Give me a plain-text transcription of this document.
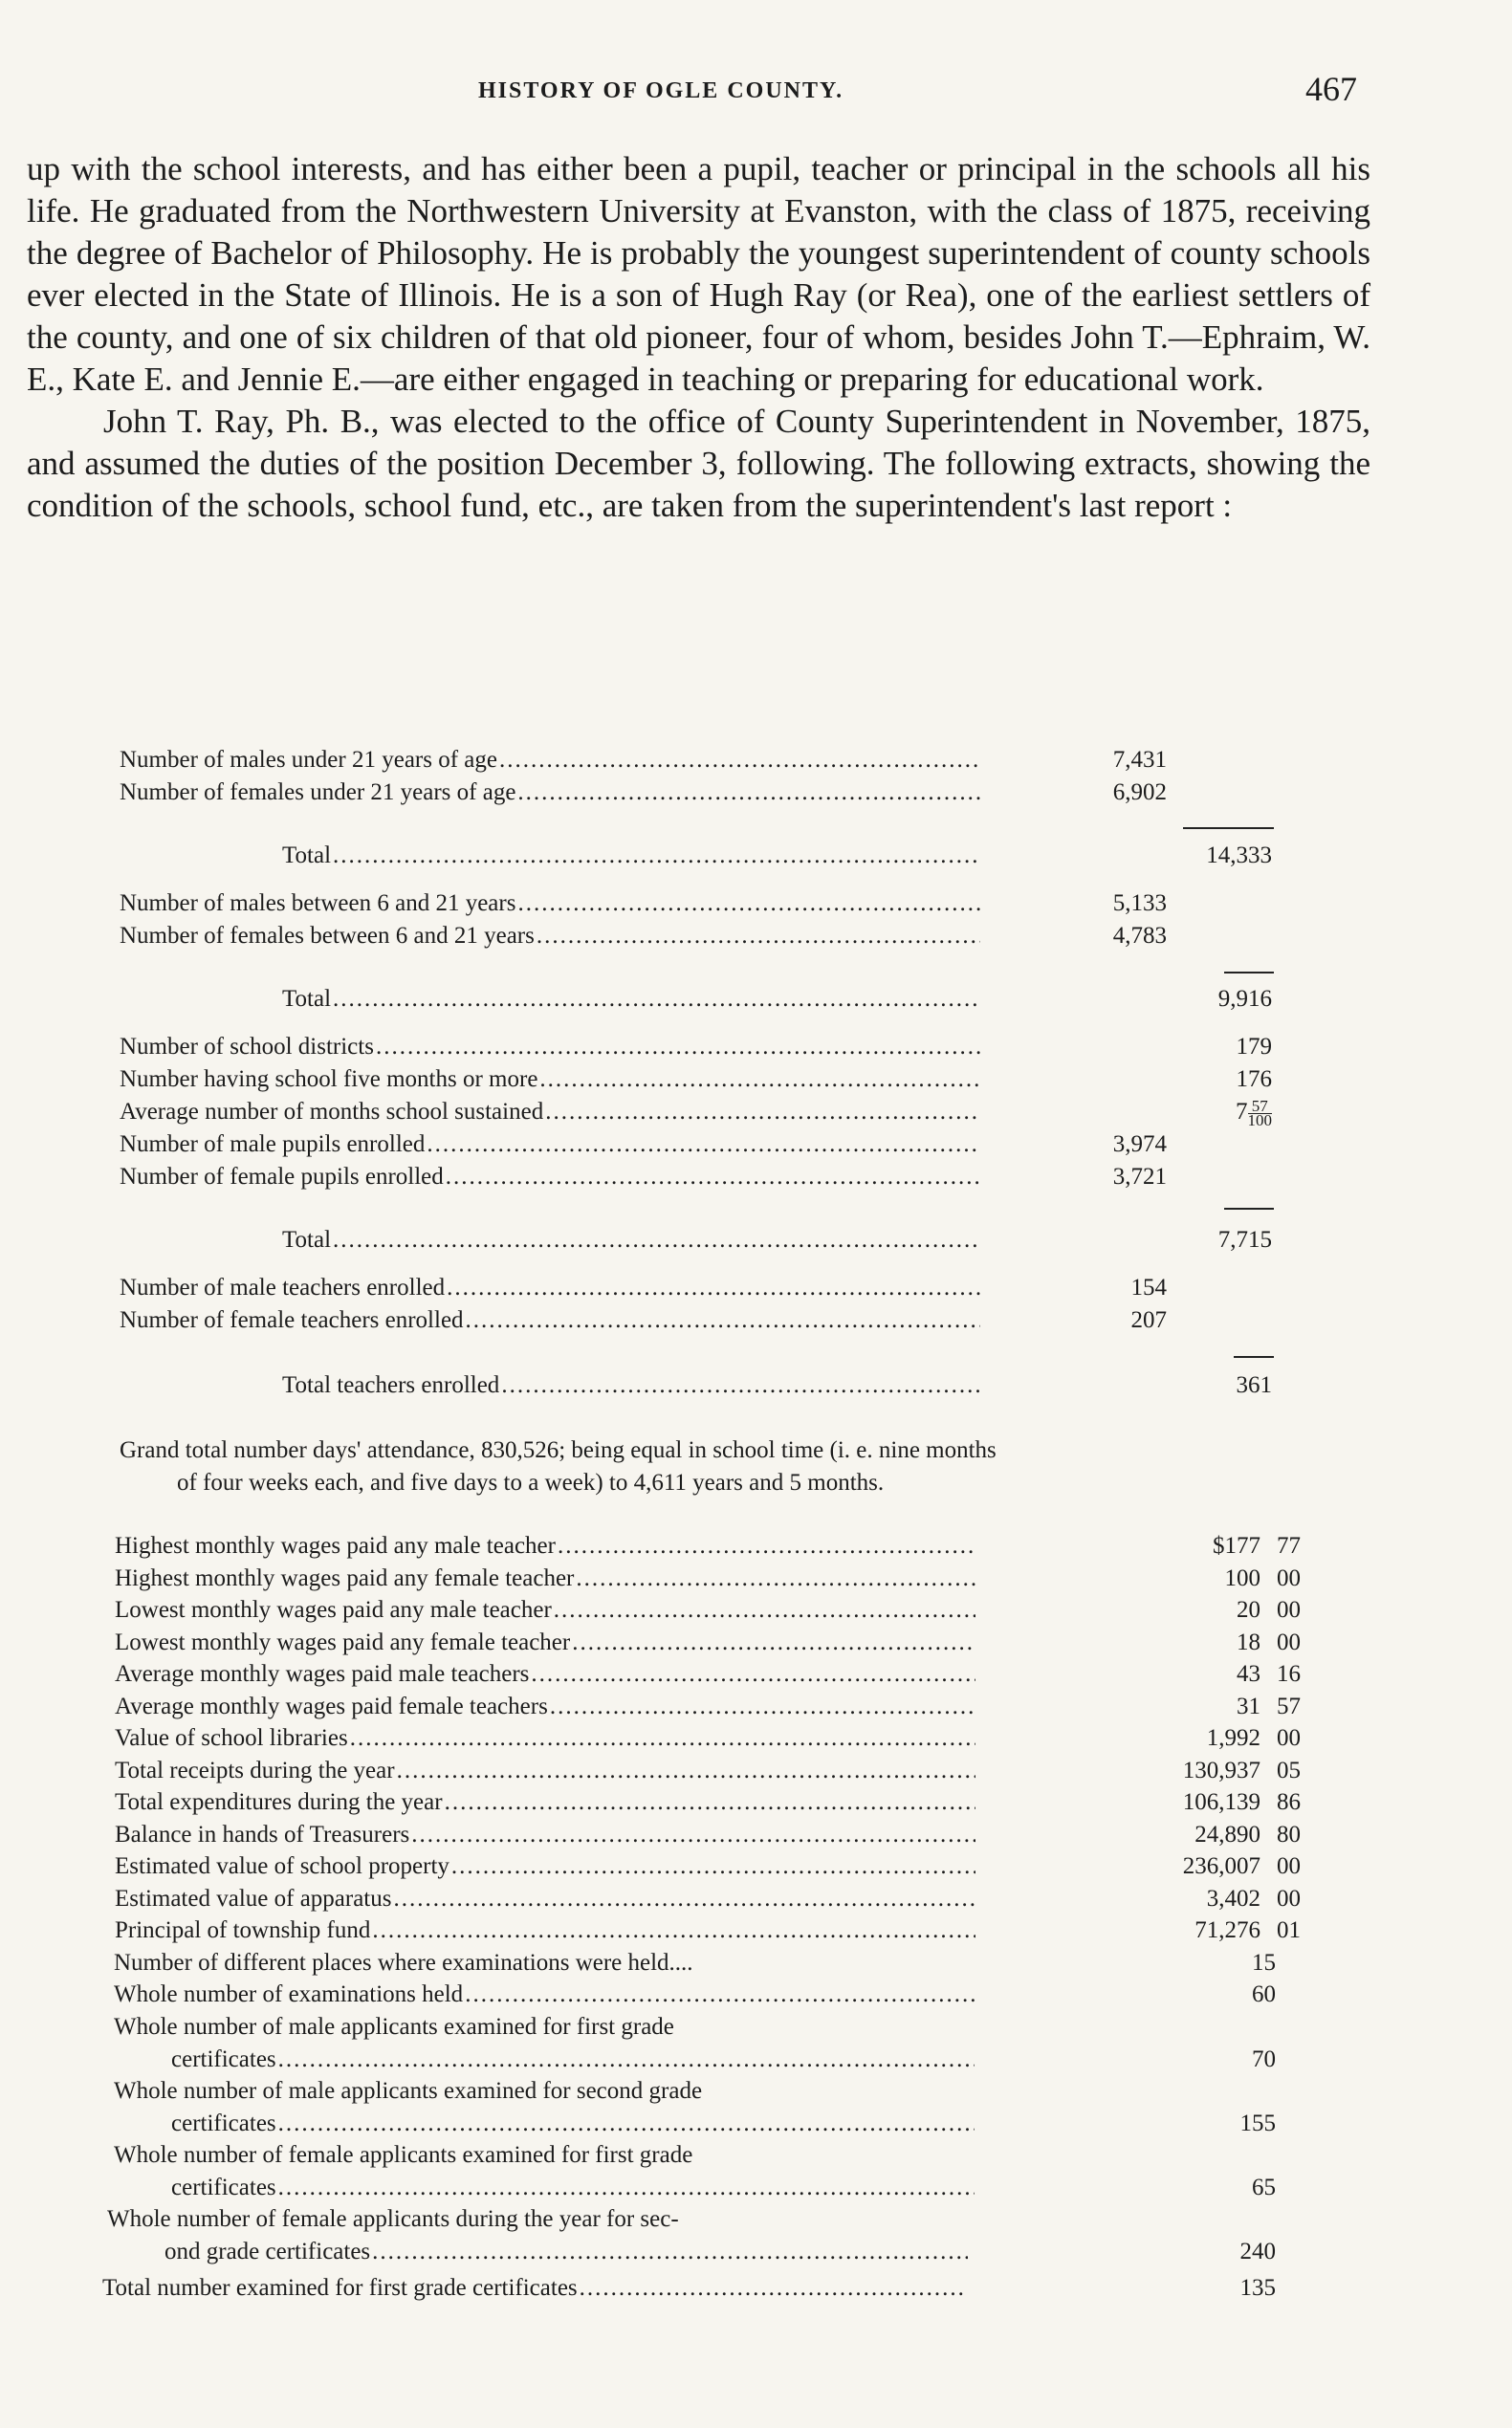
HISTORY OF OGLE COUNTY.	467

up with the school interests, and has either been a pupil, teacher or principal in the schools all his life. He graduated from the Northwestern University at Evanston, with the class of 1875, receiving the degree of Bachelor of Philosophy. He is probably the youngest superintendent of county schools ever elected in the State of Illinois. He is a son of Hugh Ray (or Rea), one of the earliest settlers of the county, and one of six children of that old pioneer, four of whom, besides John T.—Ephraim, W. E., Kate E. and Jennie E.—are either engaged in teaching or preparing for educational work.

John T. Ray, Ph. B., was elected to the office of County Superintendent in November, 1875, and assumed the duties of the position December 3, following. The following extracts, showing the condition of the schools, school fund, etc., are taken from the superintendent's last report :

Number of males under 21 years of age .....	7,431
Number of females under 21 years of age .....	6,902
Total .....	14,333
Number of males between 6 and 21 years .....	5,133
Number of females between 6 and 21 years .....	4,783
Total .....	9,916
Number of school districts .....	179
Number having school five months or more .....	176
Average number of months school sustained .....	$7 \frac{57}{100}$
Number of male pupils enrolled .....	3,974
Number of female pupils enrolled .....	3,721
Total .....	7,715
Number of male teachers enrolled .....	154
Number of female teachers enrolled .....	207
Total teachers enrolled .....	361
Grand total number days' attendance, 830,526; being equal in school time (i. e. nine months of four weeks each, and five days to a week) to 4,611 years and 5 months.
Highest monthly wages paid any male teacher .....	$177 77
Highest monthly wages paid any female teacher .....	100 00
Lowest monthly wages paid any male teacher .....	20 00
Lowest monthly wages paid any female teacher .....	18 00
Average monthly wages paid male teachers .....	43 16
Average monthly wages paid female teachers .....	31 57
Value of school libraries .....	1,992 00
Total receipts during the year .....	130,937 05
Total expenditures during the year .....	106,139 86
Balance in hands of Treasurers .....	24,890 80
Estimated value of school property .....	236,007 00
Estimated value of apparatus .....	3,402 00
Principal of township fund .....	71,276 01
Number of different places where examinations were held....	15
Whole number of examinations held .....	60
Whole number of male applicants examined for first grade
certificates .....	70
Whole number of male applicants examined for second grade
certificates .....	155
Whole number of female applicants examined for first grade
certificates .....	65
Whole number of female applicants during the year for sec-
ond grade certificates .....	240
Total number examined for first grade certificates .....	135
